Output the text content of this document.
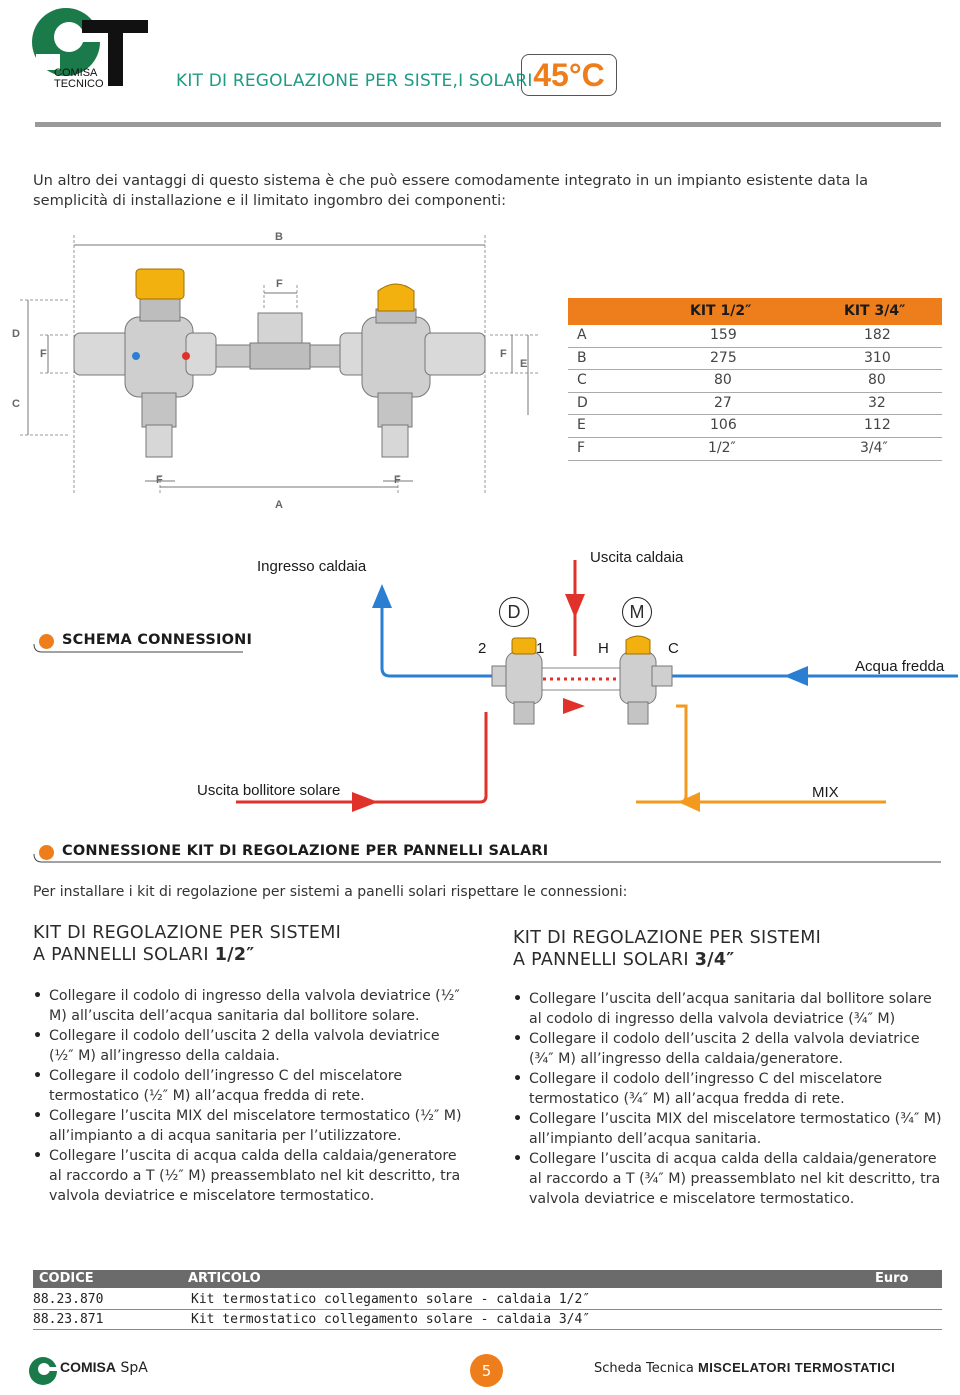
COMISA
TECNICO	KIT DI REGOLAZIONE PER SISTE,I SOLARI 45°C
Un altro dei vantaggi di questo sistema è che può essere comodamente integrato in un impianto esistente data la semplicità di installazione e il limitato ingombro dei componenti:
B
F
D
C
F	F
E
F	F
A
KIT 1/2″	KIT 3/4″
A	159	182
B	275	310
C	80	80
D	27	32
E	106	112
F	1/2″	3/4″
SCHEMA CONNESSIONI
Ingresso caldaia
Uscita caldaia
Acqua fredda
Uscita bollitore solare	MIX
D	M
2	1	H	C
CONNESSIONE KIT DI REGOLAZIONE PER PANNELLI SALARI
Per installare i kit di regolazione per sistemi a panelli solari rispettare le connessioni:
KIT DI REGOLAZIONE PER SISTEMI
A PANNELLI SOLARI 1/2″
• Collegare il codolo di ingresso della valvola deviatrice (½″ M) all’uscita dell’acqua sanitaria dal bollitore solare.
• Collegare il codolo dell’uscita 2 della valvola deviatrice (½″ M) all’ingresso della caldaia.
• Collegare il codolo dell’ingresso C del miscelatore termostatico (½″ M) all’acqua fredda di rete.
• Collegare l’uscita MIX del miscelatore termostatico (½″ M) all’impianto a di acqua sanitaria per l’utilizzatore.
• Collegare l’uscita di acqua calda della caldaia/generatore al raccordo a T (½″ M) preassemblato nel kit descritto, tra valvola deviatrice e miscelatore termostatico.
KIT DI REGOLAZIONE PER SISTEMI
A PANNELLI SOLARI 3/4″
• Collegare l’uscita dell’acqua sanitaria dal bollitore solare al codolo di ingresso della valvola deviatrice (¾″ M)
• Collegare il codolo dell’uscita 2 della valvola deviatrice (¾″ M) all’ingresso della caldaia/generatore.
• Collegare il codolo dell’ingresso C del miscelatore termostatico (¾″ M) all’acqua fredda di rete.
• Collegare l’uscita MIX del miscelatore termostatico (¾″ M) all’impianto dell’acqua sanitaria.
• Collegare l’uscita di acqua calda della caldaia/generatore al raccordo a T (¾″ M) preassemblato nel kit descritto, tra valvola deviatrice e miscelatore termostatico.
CODICE	ARTICOLO	Euro
88.23.870	Kit termostatico collegamento solare - caldaia 1/2″
88.23.871	Kit termostatico collegamento solare - caldaia 3/4″
COMISA SpA	5	Scheda Tecnica MISCELATORI TERMOSTATICI
